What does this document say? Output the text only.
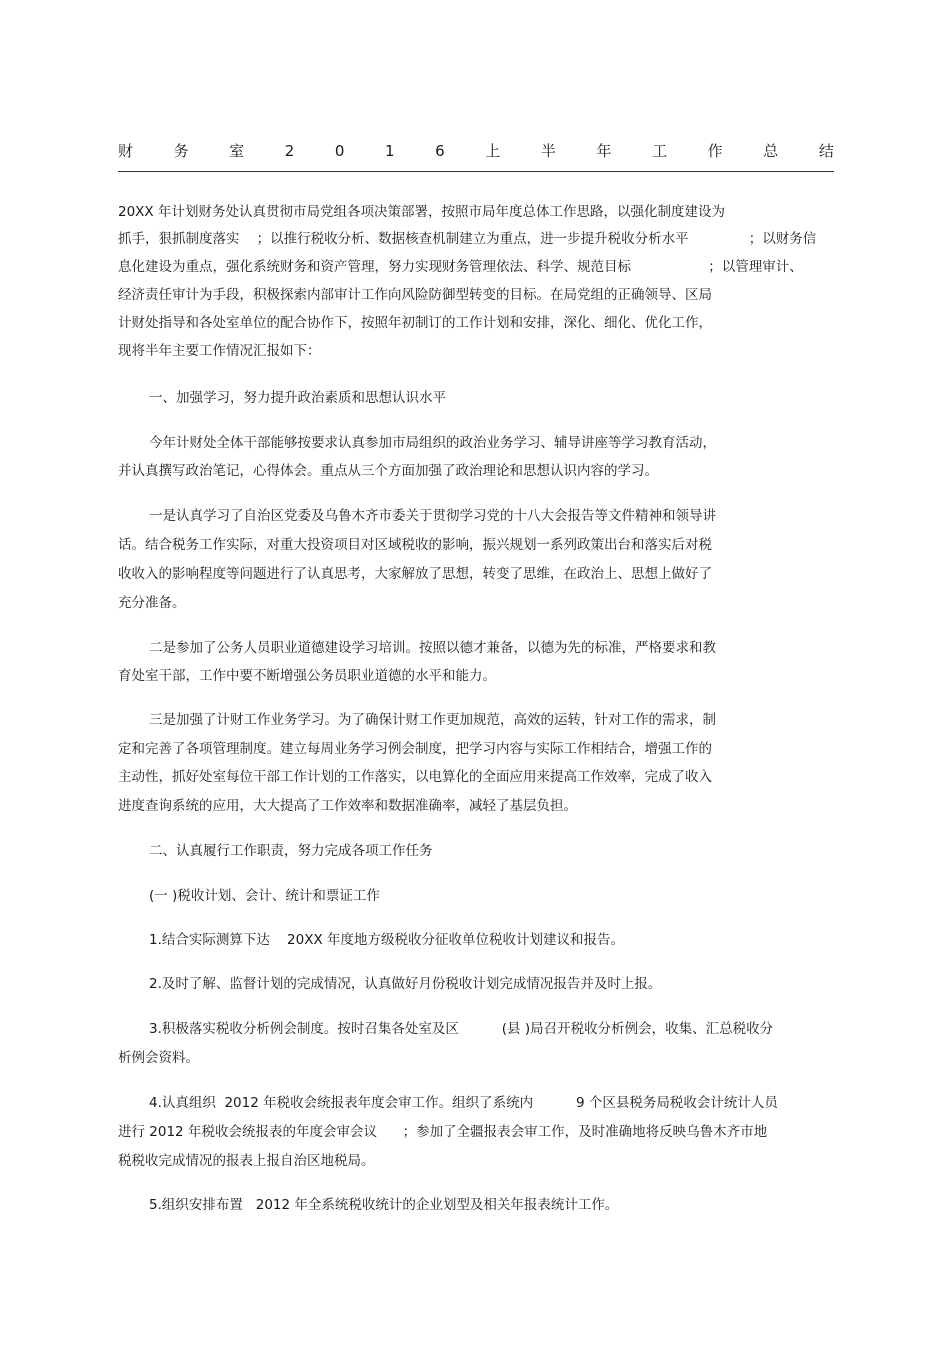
财	务	室	2	0	1	6	上	半	年	工	作	总	结
20XX 年计划财务处认真贯彻市局党组各项决策部署，按照市局年度总体工作思路，以强化制度建设为
抓手，狠抓制度落实    ；以推行税收分析、数据核查机制建立为重点，进一步提升税收分析水平              ；以财务信
息化建设为重点，强化系统财务和资产管理，努力实现财务管理依法、科学、规范目标                  ；以管理审计、
经济责任审计为手段，积极探索内部审计工作向风险防御型转变的目标。在局党组的正确领导、区局
计财处指导和各处室单位的配合协作下，按照年初制订的工作计划和安排，深化、细化、优化工作，
现将半年主要工作情况汇报如下：
一、加强学习，努力提升政治素质和思想认识水平
今年计财处全体干部能够按要求认真参加市局组织的政治业务学习、辅导讲座等学习教育活动，
并认真撰写政治笔记，心得体会。重点从三个方面加强了政治理论和思想认识内容的学习。
一是认真学习了自治区党委及乌鲁木齐市委关于贯彻学习党的十八大会报告等文件精神和领导讲
话。结合税务工作实际，对重大投资项目对区域税收的影响，振兴规划一系列政策出台和落实后对税
收收入的影响程度等问题进行了认真思考，大家解放了思想，转变了思维，在政治上、思想上做好了
充分准备。
二是参加了公务人员职业道德建设学习培训。按照以德才兼备，以德为先的标准，严格要求和教
育处室干部，工作中要不断增强公务员职业道德的水平和能力。
三是加强了计财工作业务学习。为了确保计财工作更加规范，高效的运转，针对工作的需求，制
定和完善了各项管理制度。建立每周业务学习例会制度，把学习内容与实际工作相结合，增强工作的
主动性，抓好处室每位干部工作计划的工作落实，以电算化的全面应用来提高工作效率，完成了收入
进度查询系统的应用，大大提高了工作效率和数据准确率，减轻了基层负担。
二、认真履行工作职责，努力完成各项工作任务
(一 )税收计划、会计、统计和票证工作
1.结合实际测算下达    20XX 年度地方级税收分征收单位税收计划建议和报告。
2.及时了解、监督计划的完成情况，认真做好月份税收计划完成情况报告并及时上报。
3.积极落实税收分析例会制度。按时召集各处室及区          (县 )局召开税收分析例会，收集、汇总税收分
析例会资料。
4.认真组织  2012 年税收会统报表年度会审工作。组织了系统内          9 个区县税务局税收会计统计人员
进行 2012 年税收会统报表的年度会审会议      ；参加了全疆报表会审工作，及时准确地将反映乌鲁木齐市地
税税收完成情况的报表上报自治区地税局。
5.组织安排布置   2012 年全系统税收统计的企业划型及相关年报表统计工作。
